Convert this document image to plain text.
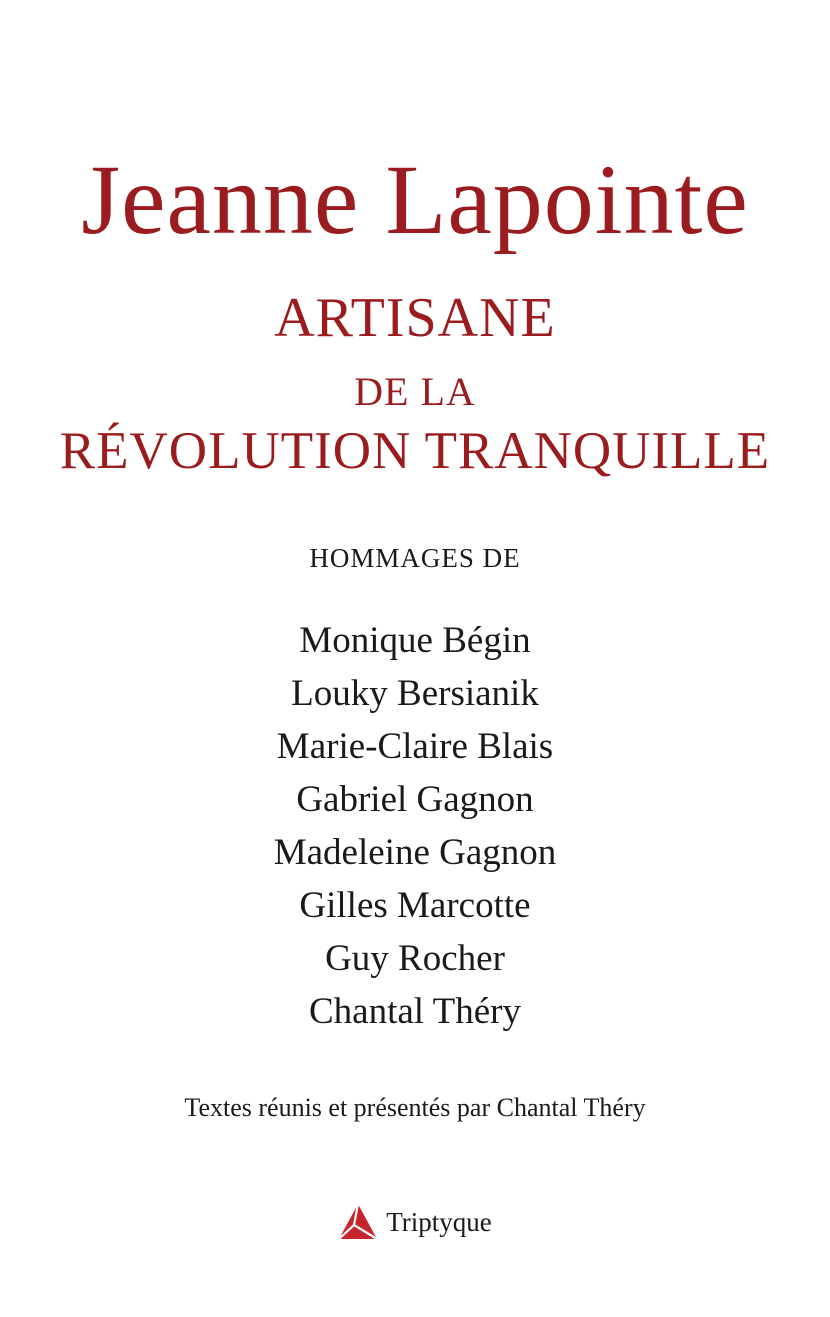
Jeanne Lapointe
ARTISANE
DE LA
RÉVOLUTION TRANQUILLE
HOMMAGES DE
Monique Bégin
Louky Bersianik
Marie-Claire Blais
Gabriel Gagnon
Madeleine Gagnon
Gilles Marcotte
Guy Rocher
Chantal Théry
Textes réunis et présentés par Chantal Théry
Triptyque
